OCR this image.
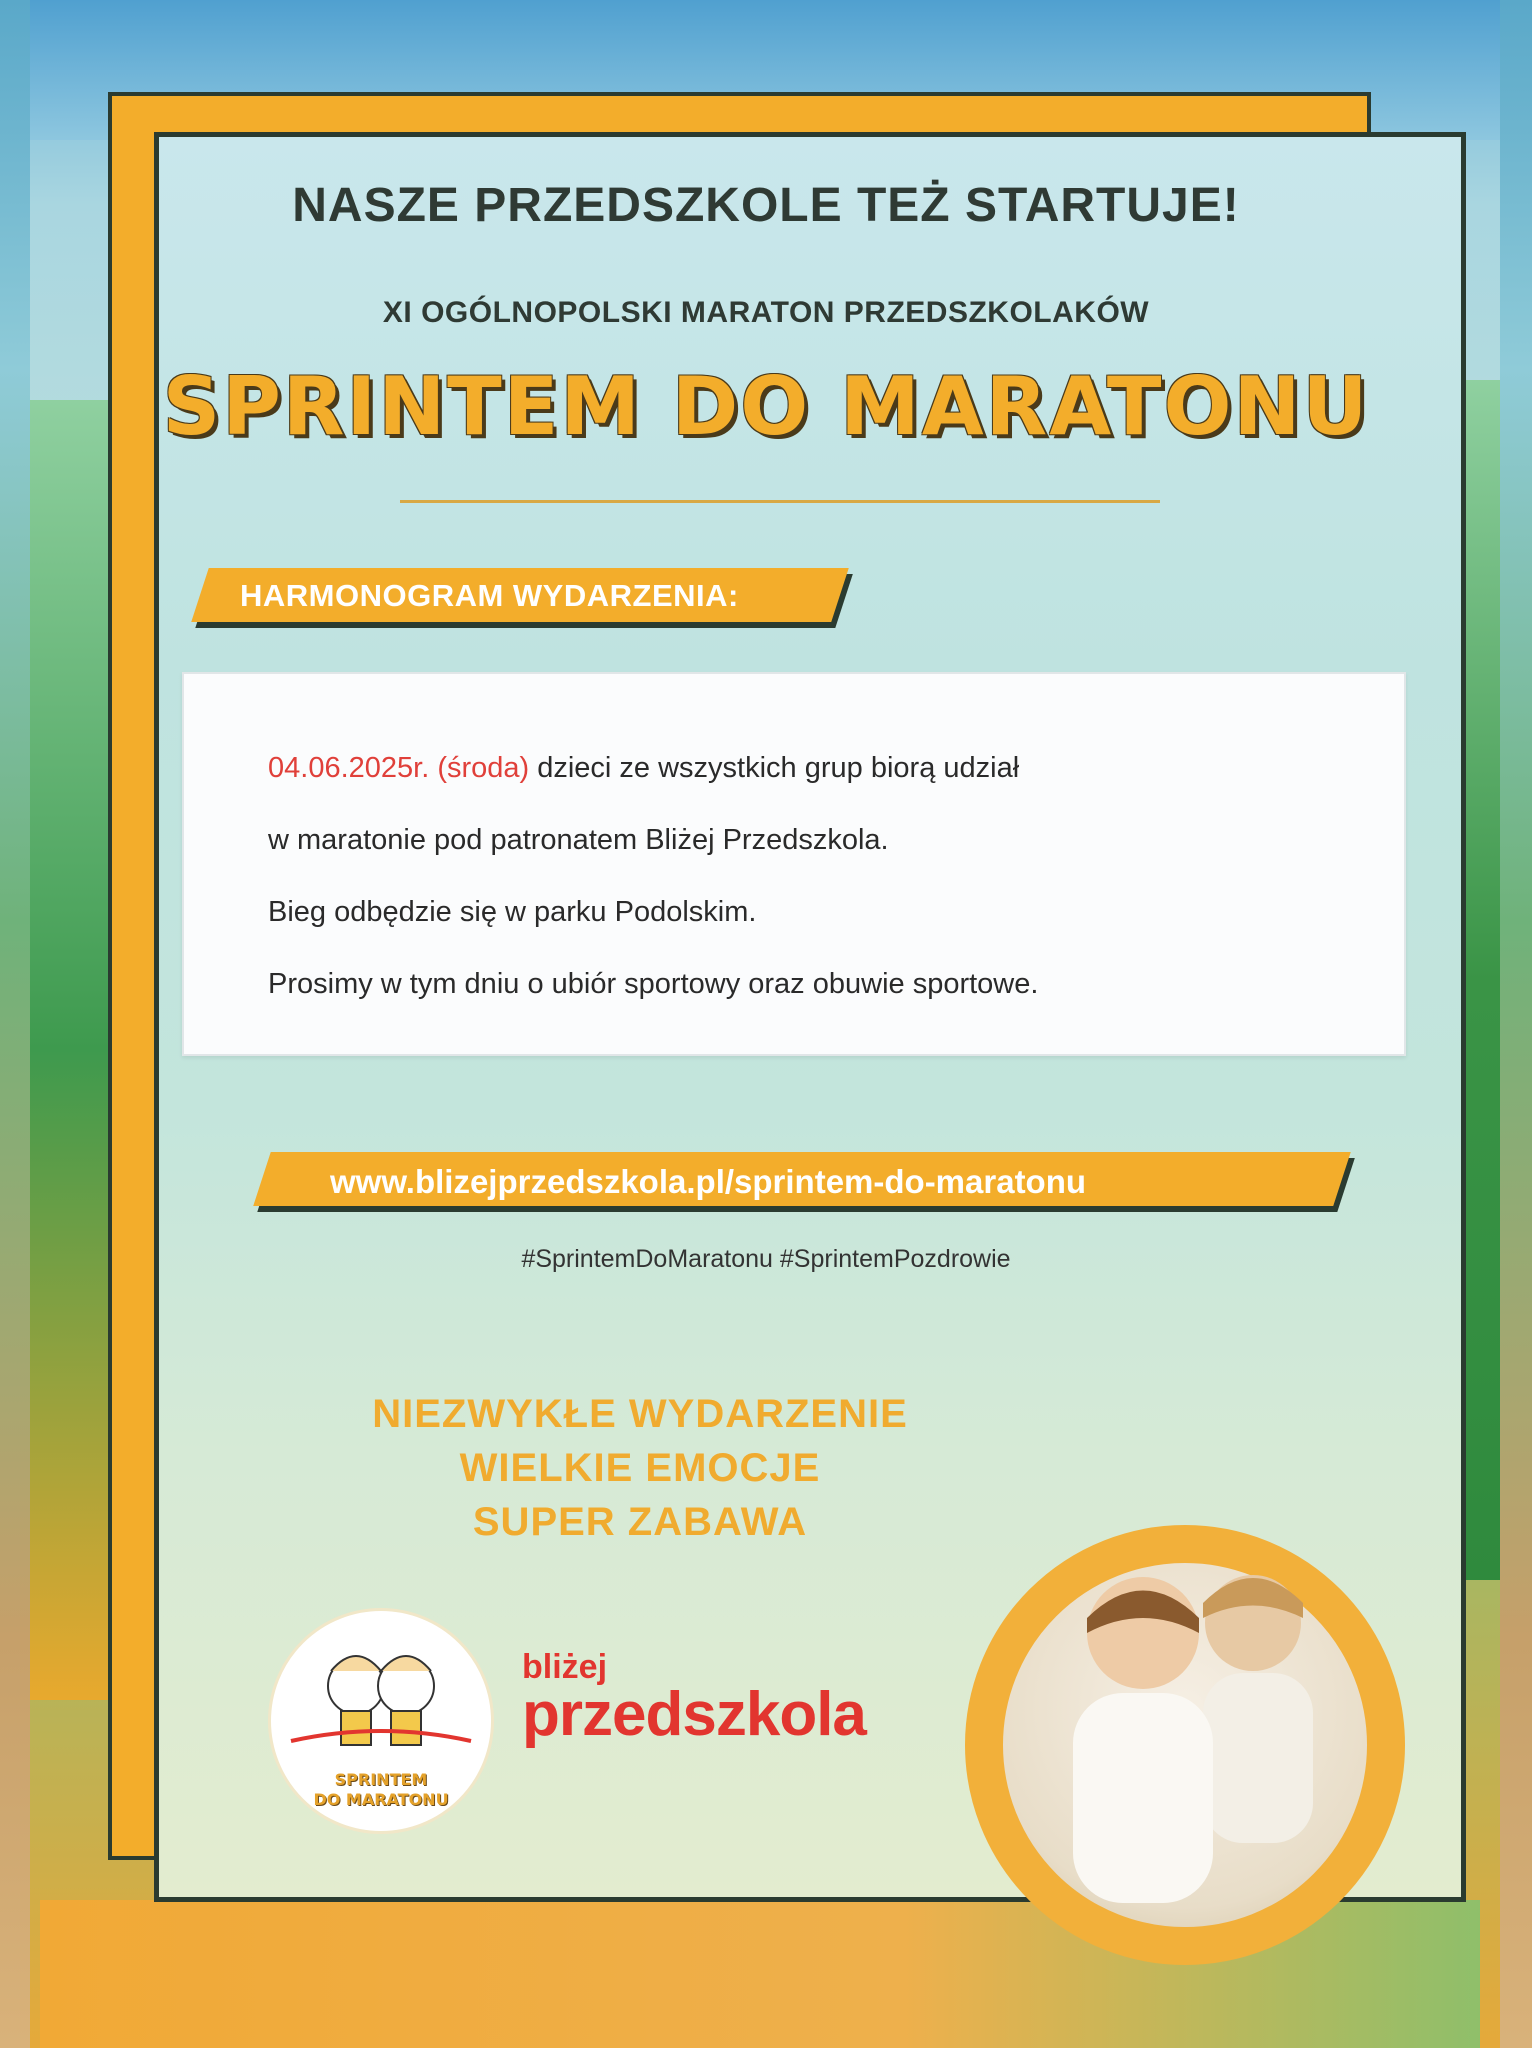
NASZE PRZEDSZKOLE TEŻ STARTUJE!
XI OGÓLNOPOLSKI MARATON PRZEDSZKOLAKÓW
SPRINTEM DO MARATONU
HARMONOGRAM WYDARZENIA:
04.06.2025r. (środa) dzieci ze wszystkich grup biorą udział
w maratonie pod patronatem Bliżej Przedszkola.
Bieg odbędzie się w parku Podolskim.
Prosimy w tym dniu o ubiór sportowy oraz obuwie sportowe.
www.blizejprzedszkola.pl/sprintem-do-maratonu
#SprintemDoMaratonu #SprintemPozdrowie
NIEZWYKŁE WYDARZENIE
WIELKIE EMOCJE
SUPER ZABAWA
SPRINTEM
DO MARATONU
bliżej
przedszkola
